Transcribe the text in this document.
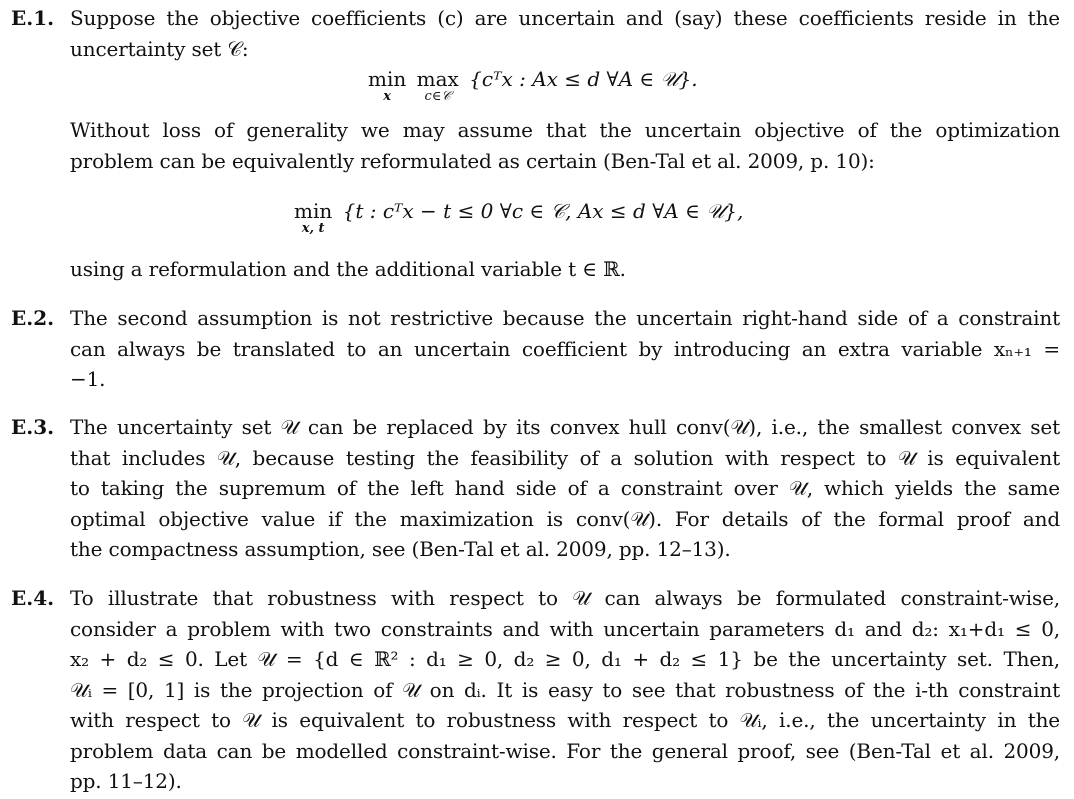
E.1. Suppose the objective coefficients (c) are uncertain and (say) these coefficients reside in the
uncertainty set 𝒞:
min
x
max
c∈𝒞
{cᵀx : Ax ≤ d ∀A ∈ 𝒰}.
Without loss of generality we may assume that the uncertain objective of the optimization
problem can be equivalently reformulated as certain (Ben-Tal et al. 2009, p. 10):
min
x, t
{t : cᵀx − t ≤ 0 ∀c ∈ 𝒞, Ax ≤ d ∀A ∈ 𝒰},
using a reformulation and the additional variable t ∈ ℝ.
E.2. The second assumption is not restrictive because the uncertain right-hand side of a constraint
can always be translated to an uncertain coefficient by introducing an extra variable xₙ₊₁ =
−1.
E.3. The uncertainty set 𝒰 can be replaced by its convex hull conv(𝒰), i.e., the smallest convex set
that includes 𝒰, because testing the feasibility of a solution with respect to 𝒰 is equivalent
to taking the supremum of the left hand side of a constraint over 𝒰, which yields the same
optimal objective value if the maximization is conv(𝒰). For details of the formal proof and
the compactness assumption, see (Ben-Tal et al. 2009, pp. 12–13).
E.4. To illustrate that robustness with respect to 𝒰 can always be formulated constraint-wise,
consider a problem with two constraints and with uncertain parameters d₁ and d₂: x₁+d₁ ≤ 0,
x₂ + d₂ ≤ 0. Let 𝒰 = {d ∈ ℝ² : d₁ ≥ 0, d₂ ≥ 0, d₁ + d₂ ≤ 1} be the uncertainty set. Then,
𝒰ᵢ = [0, 1] is the projection of 𝒰 on dᵢ. It is easy to see that robustness of the i-th constraint
with respect to 𝒰 is equivalent to robustness with respect to 𝒰ᵢ, i.e., the uncertainty in the
problem data can be modelled constraint-wise. For the general proof, see (Ben-Tal et al. 2009,
pp. 11–12).
